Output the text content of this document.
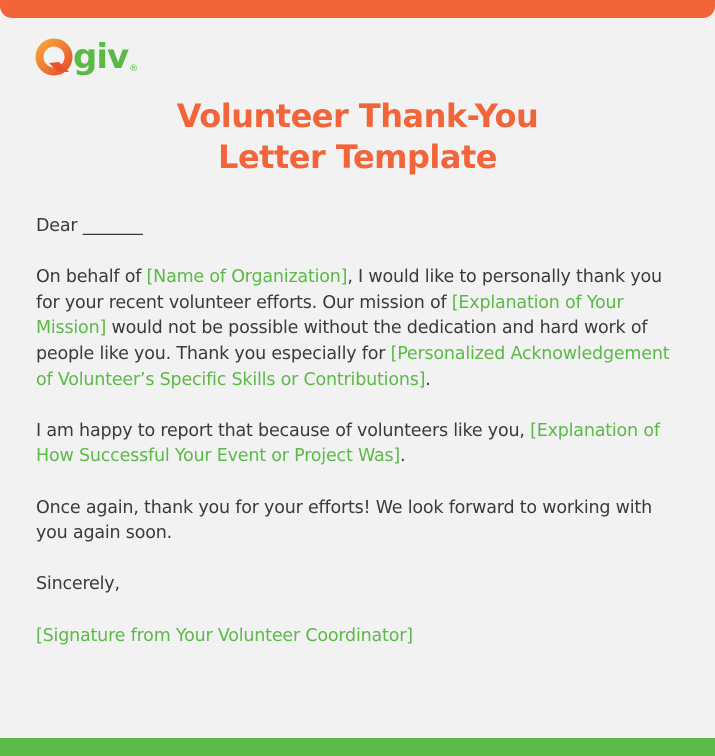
giv ®
Volunteer Thank-You
Letter Template

Dear _______

On behalf of [Name of Organization], I would like to personally thank you for your recent volunteer efforts. Our mission of [Explanation of Your Mission] would not be possible without the dedication and hard work of people like you. Thank you especially for [Personalized Acknowledgement of Volunteer’s Specific Skills or Contributions].

I am happy to report that because of volunteers like you, [Explanation of How Successful Your Event or Project Was].

Once again, thank you for your efforts! We look forward to working with you again soon.

Sincerely,

[Signature from Your Volunteer Coordinator]
